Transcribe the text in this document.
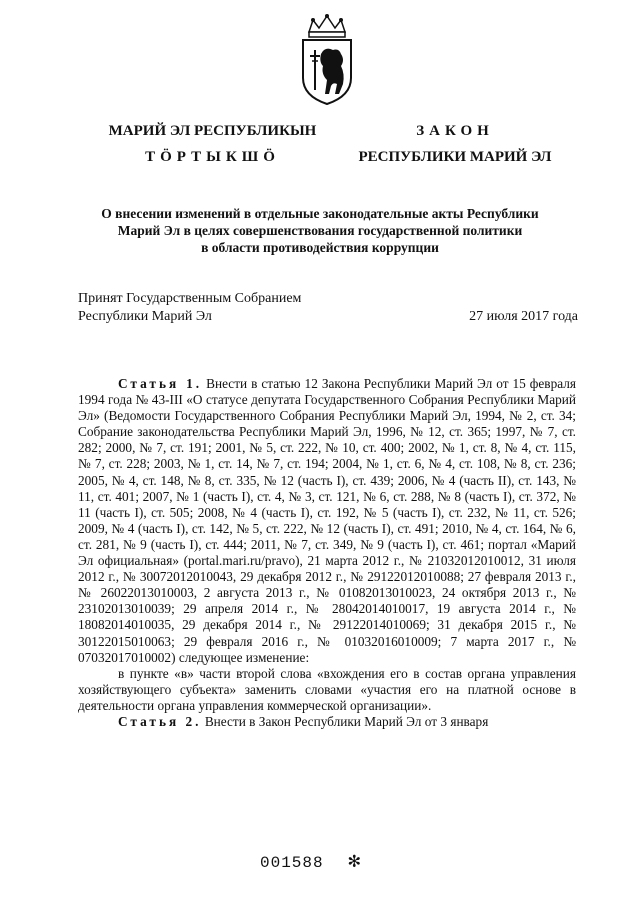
МАРИЙ ЭЛ РЕСПУБЛИКЫН
ТӦРТЫКШӦ
ЗАКОН
РЕСПУБЛИКИ МАРИЙ ЭЛ
О внесении изменений в отдельные законодательные акты Республики
Марий Эл в целях совершенствования государственной политики
в области противодействия коррупции
Принят Государственным Собранием
Республики Марий Эл	27 июля 2017 года

Статья 1. Внести в статью 12 Закона Республики Марий Эл от 15 февраля 1994 года № 43-III «О статусе депутата Государственного Собрания Республики Марий Эл» (Ведомости Государственного Собрания Республики Марий Эл, 1994, № 2, ст. 34; Собрание законодательства Республики Марий Эл, 1996, № 12, ст. 365; 1997, № 7, ст. 282; 2000, № 7, ст. 191; 2001, № 5, ст. 222, № 10, ст. 400; 2002, № 1, ст. 8, № 4, ст. 115, № 7, ст. 228; 2003, № 1, ст. 14, № 7, ст. 194; 2004, № 1, ст. 6, № 4, ст. 108, № 8, ст. 236; 2005, № 4, ст. 148, № 8, ст. 335, № 12 (часть I), ст. 439; 2006, № 4 (часть II), ст. 143, № 11, ст. 401; 2007, № 1 (часть I), ст. 4, № 3, ст. 121, № 6, ст. 288, № 8 (часть I), ст. 372, № 11 (часть I), ст. 505; 2008, № 4 (часть I), ст. 192, № 5 (часть I), ст. 232, № 11, ст. 526; 2009, № 4 (часть I), ст. 142, № 5, ст. 222, № 12 (часть I), ст. 491; 2010, № 4, ст. 164, № 6, ст. 281, № 9 (часть I), ст. 444; 2011, № 7, ст. 349, № 9 (часть I), ст. 461; портал «Марий Эл официальная» (portal.mari.ru/pravo), 21 марта 2012 г., № 21032012010012, 31 июля 2012 г., № 30072012010043, 29 декабря 2012 г., № 29122012010088; 27 февраля 2013 г., № 26022013010003, 2 августа 2013 г., № 01082013010023, 24 октября 2013 г., № 23102013010039; 29 апреля 2014 г., № 28042014010017, 19 августа 2014 г., № 18082014010035, 29 декабря 2014 г., № 29122014010069; 31 декабря 2015 г., № 30122015010063; 29 февраля 2016 г., № 01032016010009; 7 марта 2017 г., № 07032017010002) следующее изменение:

в пункте «в» части второй слова «вхождения его в состав органа управления хозяйствующего субъекта» заменить словами «участия его на платной основе в деятельности органа управления коммерческой организации».

Статья 2. Внести в Закон Республики Марий Эл от 3 января

001588 ✻
